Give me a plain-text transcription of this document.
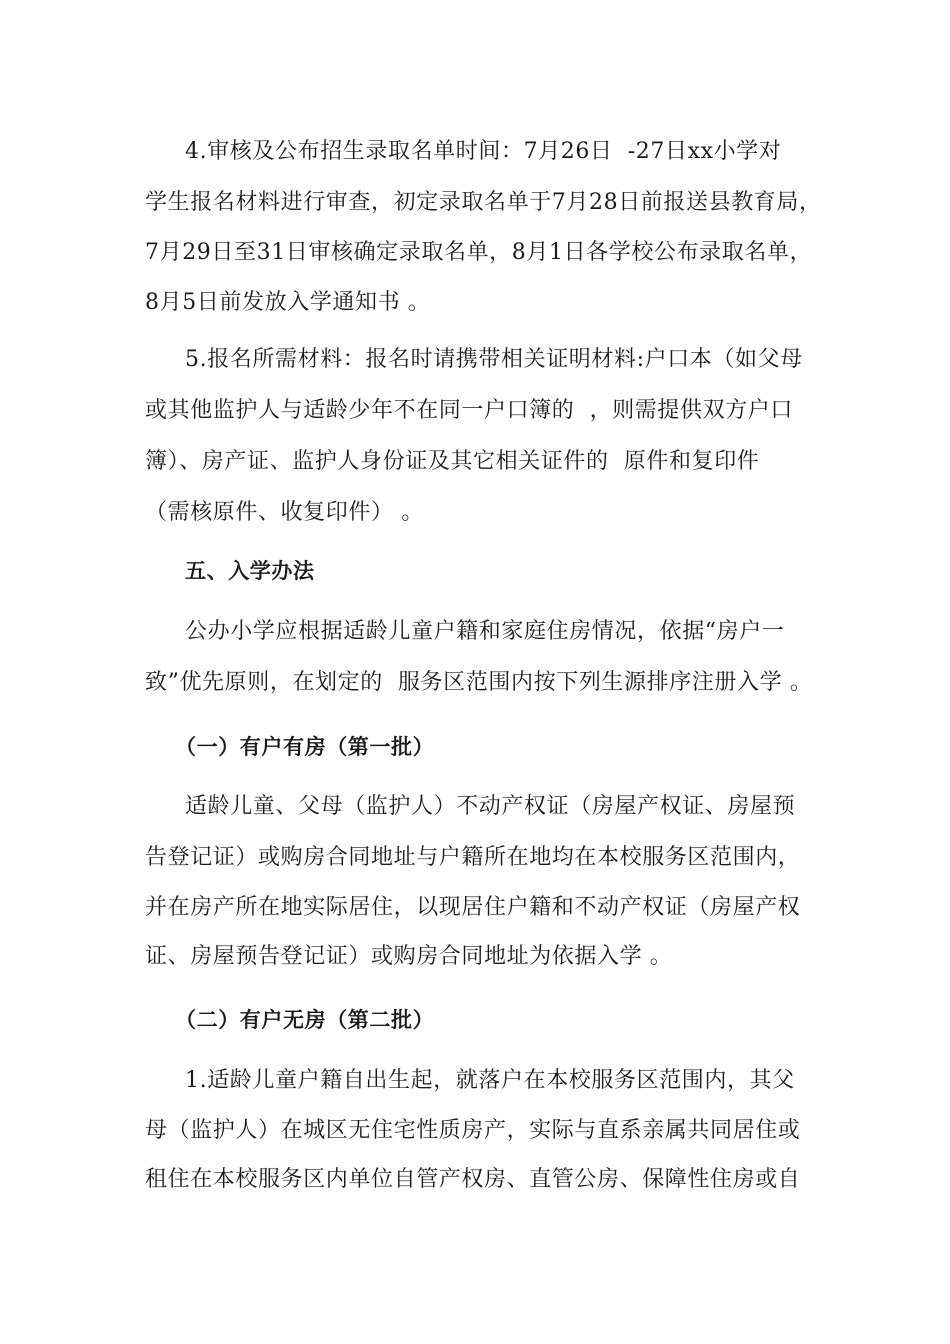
4.审核及公布招生录取名单时间：7月26日  -27日xx小学对
学生报名材料进行审查，初定录取名单于7月28日前报送县教育局，
7月29日至31日审核确定录取名单，8月1日各学校公布录取名单，
8月5日前发放入学通知书 。
5.报名所需材料：报名时请携带相关证明材料:户口本（如父母
或其他监护人与适龄少年不在同一户口簿的  ，则需提供双方户口
簿）、房产证、监护人身份证及其它相关证件的  原件和复印件
（需核原件、收复印件） 。
五、入学办法
公办小学应根据适龄儿童户籍和家庭住房情况，依据“房户一
致”优先原则，在划定的  服务区范围内按下列生源排序注册入学 。
（一）有户有房（第一批）
适龄儿童、父母（监护人）不动产权证（房屋产权证、房屋预
告登记证）或购房合同地址与户籍所在地均在本校服务区范围内，
并在房产所在地实际居住，以现居住户籍和不动产权证（房屋产权
证、房屋预告登记证）或购房合同地址为依据入学 。
（二）有户无房（第二批）
1.适龄儿童户籍自出生起，就落户在本校服务区范围内，其父
母（监护人）在城区无住宅性质房产，实际与直系亲属共同居住或
租住在本校服务区内单位自管产权房、直管公房、保障性住房或自
